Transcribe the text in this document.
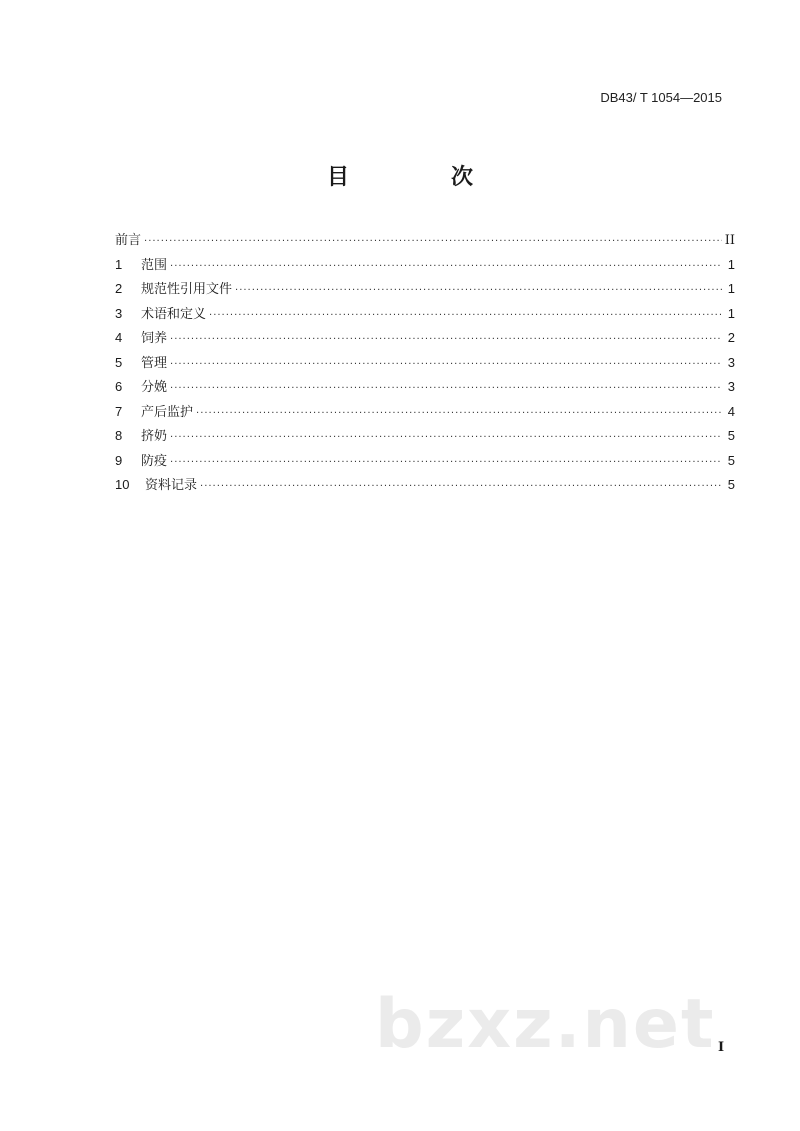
DB43/ T 1054—2015
目　次
前言 ·····	II
1	范围 ·····	1
2	规范性引用文件 ·····	1
3	术语和定义 ·····	1
4	饲养 ·····	2
5	管理 ·····	3
6	分娩 ·····	3
7	产后监护 ·····	4
8	挤奶 ·····	5
9	防疫 ·····	5
10	资料记录 ·····	5
bzxz.net I
